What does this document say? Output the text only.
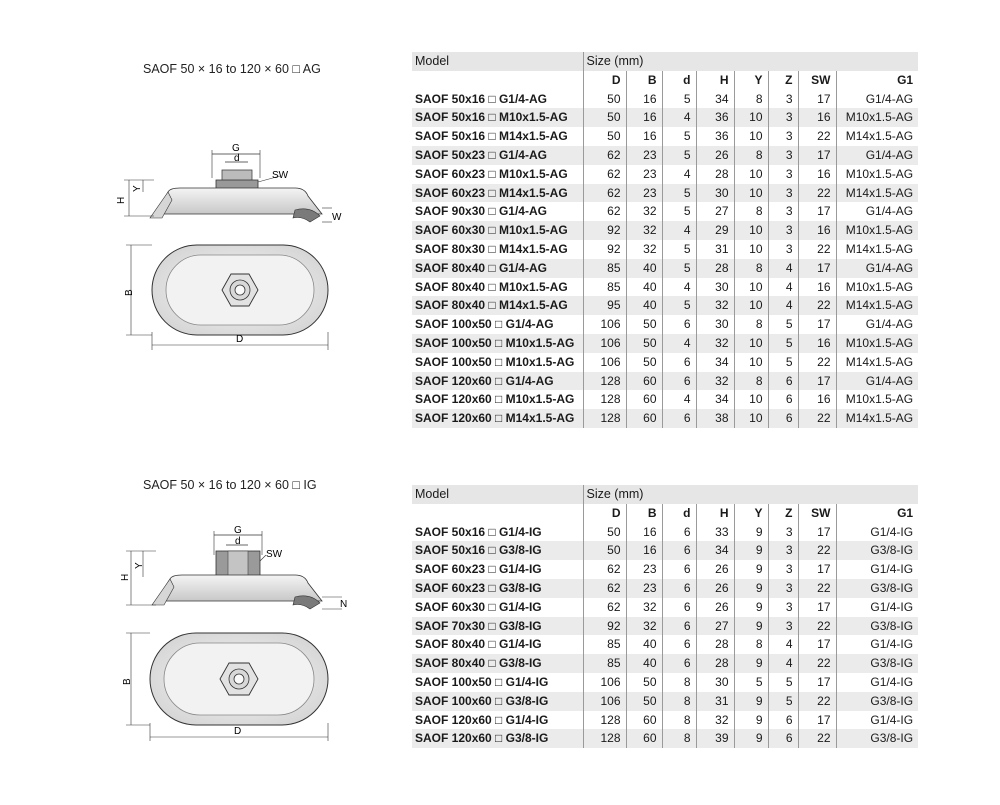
SAOF 50 × 16 to 120 × 60 □ AG
G
d
SW
H
Y
W
B
D
Model	Size (mm)							
	D	B	d	H	Y	Z	SW	G1
SAOF 50x16 □ G1/4-AG	50	16	5	34	8	3	17	G1/4-AG
SAOF 50x16 □ M10x1.5-AG	50	16	4	36	10	3	16	M10x1.5-AG
SAOF 50x16 □ M14x1.5-AG	50	16	5	36	10	3	22	M14x1.5-AG
SAOF 50x23 □ G1/4-AG	62	23	5	26	8	3	17	G1/4-AG
SAOF 60x23 □ M10x1.5-AG	62	23	4	28	10	3	16	M10x1.5-AG
SAOF 60x23 □ M14x1.5-AG	62	23	5	30	10	3	22	M14x1.5-AG
SAOF 90x30 □ G1/4-AG	62	32	5	27	8	3	17	G1/4-AG
SAOF 60x30 □ M10x1.5-AG	92	32	4	29	10	3	16	M10x1.5-AG
SAOF 80x30 □ M14x1.5-AG	92	32	5	31	10	3	22	M14x1.5-AG
SAOF 80x40 □ G1/4-AG	85	40	5	28	8	4	17	G1/4-AG
SAOF 80x40 □ M10x1.5-AG	85	40	4	30	10	4	16	M10x1.5-AG
SAOF 80x40 □ M14x1.5-AG	95	40	5	32	10	4	22	M14x1.5-AG
SAOF 100x50 □ G1/4-AG	106	50	6	30	8	5	17	G1/4-AG
SAOF 100x50 □ M10x1.5-AG	106	50	4	32	10	5	16	M10x1.5-AG
SAOF 100x50 □ M10x1.5-AG	106	50	6	34	10	5	22	M14x1.5-AG
SAOF 120x60 □ G1/4-AG	128	60	6	32	8	6	17	G1/4-AG
SAOF 120x60 □ M10x1.5-AG	128	60	4	34	10	6	16	M10x1.5-AG
SAOF 120x60 □ M14x1.5-AG	128	60	6	38	10	6	22	M14x1.5-AG
SAOF 50 × 16 to 120 × 60 □ IG
G
d
SW
H
Y
N
B
D
Model	Size (mm)							
	D	B	d	H	Y	Z	SW	G1
SAOF 50x16 □ G1/4-IG	50	16	6	33	9	3	17	G1/4-IG
SAOF 50x16 □ G3/8-IG	50	16	6	34	9	3	22	G3/8-IG
SAOF 60x23 □ G1/4-IG	62	23	6	26	9	3	17	G1/4-IG
SAOF 60x23 □ G3/8-IG	62	23	6	26	9	3	22	G3/8-IG
SAOF 60x30 □ G1/4-IG	62	32	6	26	9	3	17	G1/4-IG
SAOF 70x30 □ G3/8-IG	92	32	6	27	9	3	22	G3/8-IG
SAOF 80x40 □ G1/4-IG	85	40	6	28	8	4	17	G1/4-IG
SAOF 80x40 □ G3/8-IG	85	40	6	28	9	4	22	G3/8-IG
SAOF 100x50 □ G1/4-IG	106	50	8	30	5	5	17	G1/4-IG
SAOF 100x60 □ G3/8-IG	106	50	8	31	9	5	22	G3/8-IG
SAOF 120x60 □ G1/4-IG	128	60	8	32	9	6	17	G1/4-IG
SAOF 120x60 □ G3/8-IG	128	60	8	39	9	6	22	G3/8-IG
